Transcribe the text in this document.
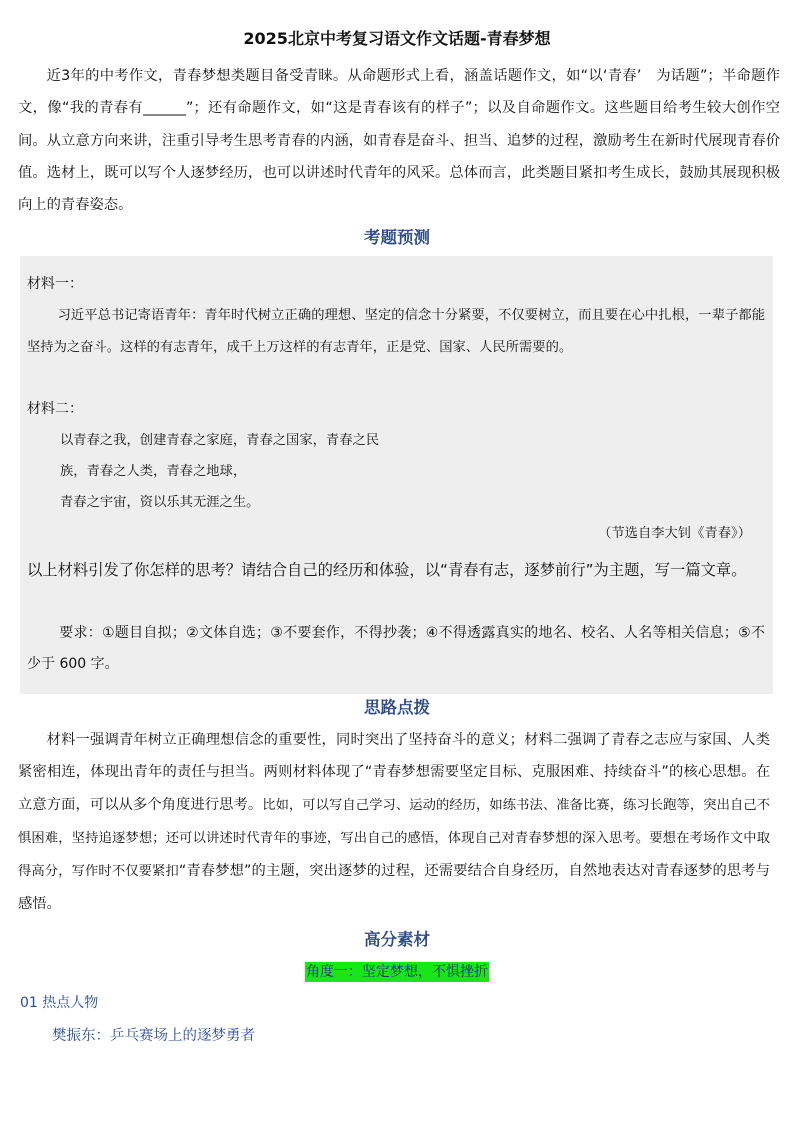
2025北京中考复习语文作文话题-青春梦想
近3年的中考作文，青春梦想类题目备受青睐。从命题形式上看，涵盖话题作文，如“以‘青春’　为话题”；半命题作文，像“我的青春有______”；还有命题作文，如“这是青春该有的样子”；以及自命题作文。这些题目给考生较大创作空间。从立意方向来讲，注重引导考生思考青春的内涵，如青春是奋斗、担当、追梦的过程，激励考生在新时代展现青春价值。选材上，既可以写个人逐梦经历，也可以讲述时代青年的风采。总体而言，此类题目紧扣考生成长，鼓励其展现积极向上的青春姿态。
考题预测
材料一：
习近平总书记寄语青年：青年时代树立正确的理想、坚定的信念十分紧要，不仅要树立，而且要在心中扎根，一辈子都能坚持为之奋斗。这样的有志青年，成千上万这样的有志青年，正是党、国家、人民所需要的。
材料二：
以青春之我，创建青春之家庭，青春之国家，青春之民
族，青春之人类，青春之地球，
青春之宇宙，资以乐其无涯之生。
（节选自李大钊《青春》）
以上材料引发了你怎样的思考？请结合自己的经历和体验，以“青春有志，逐梦前行”为主题，写一篇文章。
要求：①题目自拟；②文体自选；③不要套作，不得抄袭；④不得透露真实的地名、校名、人名等相关信息；⑤不少于 600 字。
思路点拨
材料一强调青年树立正确理想信念的重要性，同时突出了坚持奋斗的意义；材料二强调了青春之志应与家国、人类紧密相连，体现出青年的责任与担当。两则材料体现了“青春梦想需要坚定目标、克服困难、持续奋斗”的核心思想。在立意方面，可以从多个角度进行思考。比如，可以写自己学习、运动的经历，如练书法、准备比赛，练习长跑等，突出自己不惧困难，坚持追逐梦想；还可以讲述时代青年的事迹，写出自己的感悟，体现自己对青春梦想的深入思考。要想在考场作文中取得高分，写作时不仅要紧扣“青春梦想”的主题，突出逐梦的过程，还需要结合自身经历，自然地表达对青春逐梦的思考与感悟。
高分素材
角度一：坚定梦想，不惧挫折
01 热点人物
樊振东：乒乓赛场上的逐梦勇者
